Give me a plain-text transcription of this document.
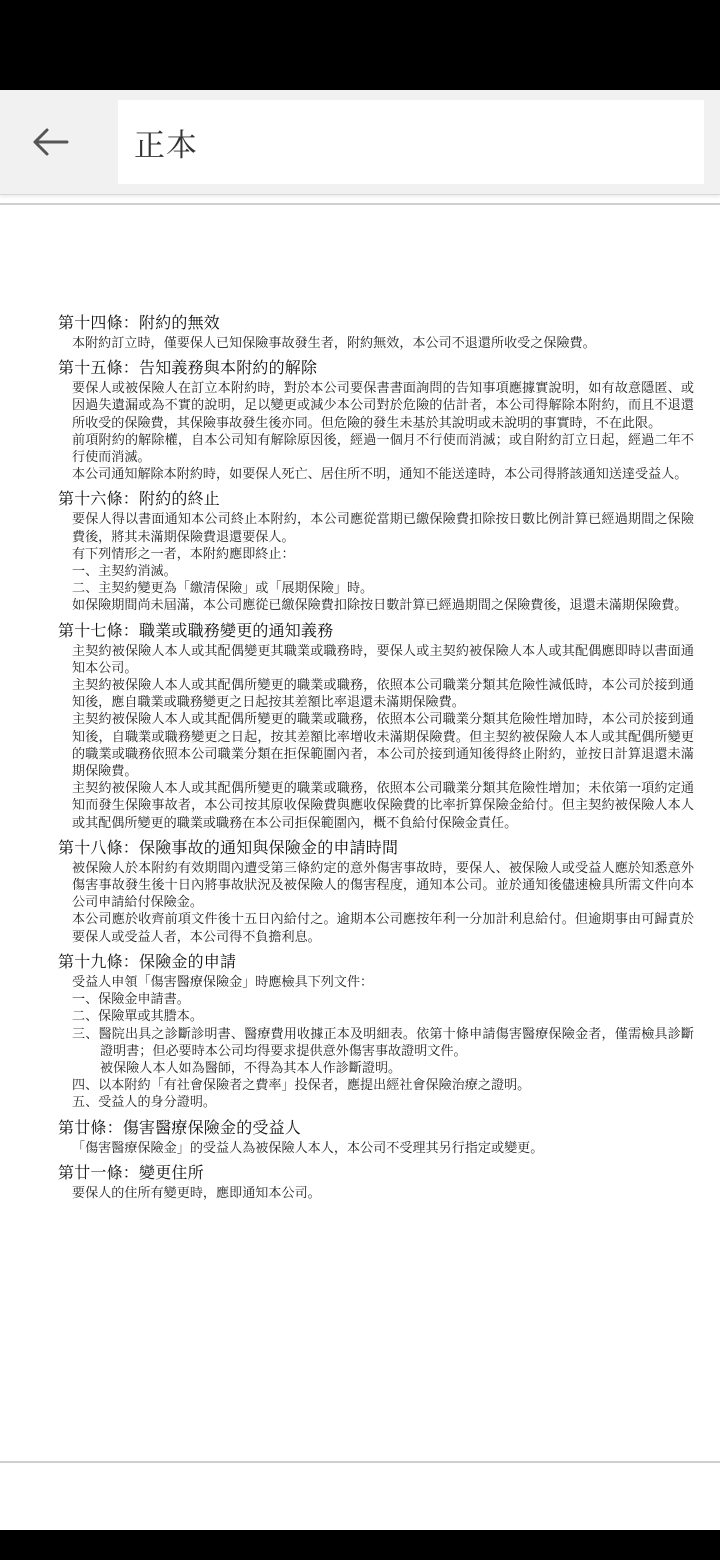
正本
第十四條：附約的無效
本附約訂立時，僅要保人已知保險事故發生者，附約無效，本公司不退還所收受之保險費。
第十五條：告知義務與本附約的解除
要保人或被保險人在訂立本附約時，對於本公司要保書書面詢問的告知事項應據實說明，如有故意隱匿、或因過失遺漏或為不實的說明，足以變更或減少本公司對於危險的估計者，本公司得解除本附約，而且不退還所收受的保險費，其保險事故發生後亦同。但危險的發生未基於其說明或未說明的事實時，不在此限。
前項附約的解除權，自本公司知有解除原因後，經過一個月不行使而消滅；或自附約訂立日起，經過二年不行使而消滅。
本公司通知解除本附約時，如要保人死亡、居住所不明，通知不能送達時，本公司得將該通知送達受益人。
第十六條：附約的終止
要保人得以書面通知本公司終止本附約，本公司應從當期已繳保險費扣除按日數比例計算已經過期間之保險費後，將其未滿期保險費退還要保人。
有下列情形之一者，本附約應即終止：
一、主契約消滅。
二、主契約變更為「繳清保險」或「展期保險」時。
如保險期間尚未屆滿，本公司應從已繳保險費扣除按日數計算已經過期間之保險費後，退還未滿期保險費。
第十七條：職業或職務變更的通知義務
主契約被保險人本人或其配偶變更其職業或職務時，要保人或主契約被保險人本人或其配偶應即時以書面通知本公司。
主契約被保險人本人或其配偶所變更的職業或職務，依照本公司職業分類其危險性減低時，本公司於接到通知後，應自職業或職務變更之日起按其差額比率退還未滿期保險費。
主契約被保險人本人或其配偶所變更的職業或職務，依照本公司職業分類其危險性增加時，本公司於接到通知後，自職業或職務變更之日起，按其差額比率增收未滿期保險費。但主契約被保險人本人或其配偶所變更的職業或職務依照本公司職業分類在拒保範圍內者，本公司於接到通知後得終止附約，並按日計算退還未滿期保險費。
主契約被保險人本人或其配偶所變更的職業或職務，依照本公司職業分類其危險性增加；未依第一項約定通知而發生保險事故者，本公司按其原收保險費與應收保險費的比率折算保險金給付。但主契約被保險人本人或其配偶所變更的職業或職務在本公司拒保範圍內，概不負給付保險金責任。
第十八條：保險事故的通知與保險金的申請時間
被保險人於本附約有效期間內遭受第三條約定的意外傷害事故時，要保人、被保險人或受益人應於知悉意外傷害事故發生後十日內將事故狀況及被保險人的傷害程度，通知本公司。並於通知後儘速檢具所需文件向本公司申請給付保險金。
本公司應於收齊前項文件後十五日內給付之。逾期本公司應按年利一分加計利息給付。但逾期事由可歸責於要保人或受益人者，本公司得不負擔利息。
第十九條：保險金的申請
受益人申領「傷害醫療保險金」時應檢具下列文件：
一、保險金申請書。
二、保險單或其謄本。
三、醫院出具之診斷診明書、醫療費用收據正本及明細表。依第十條申請傷害醫療保險金者，僅需檢具診斷證明書；但必要時本公司均得要求提供意外傷害事故證明文件。
被保險人本人如為醫師，不得為其本人作診斷證明。
四、以本附約「有社會保險者之費率」投保者，應提出經社會保險治療之證明。
五、受益人的身分證明。
第廿條：傷害醫療保險金的受益人
「傷害醫療保險金」的受益人為被保險人本人，本公司不受理其另行指定或變更。
第廿一條：變更住所
要保人的住所有變更時，應即通知本公司。
